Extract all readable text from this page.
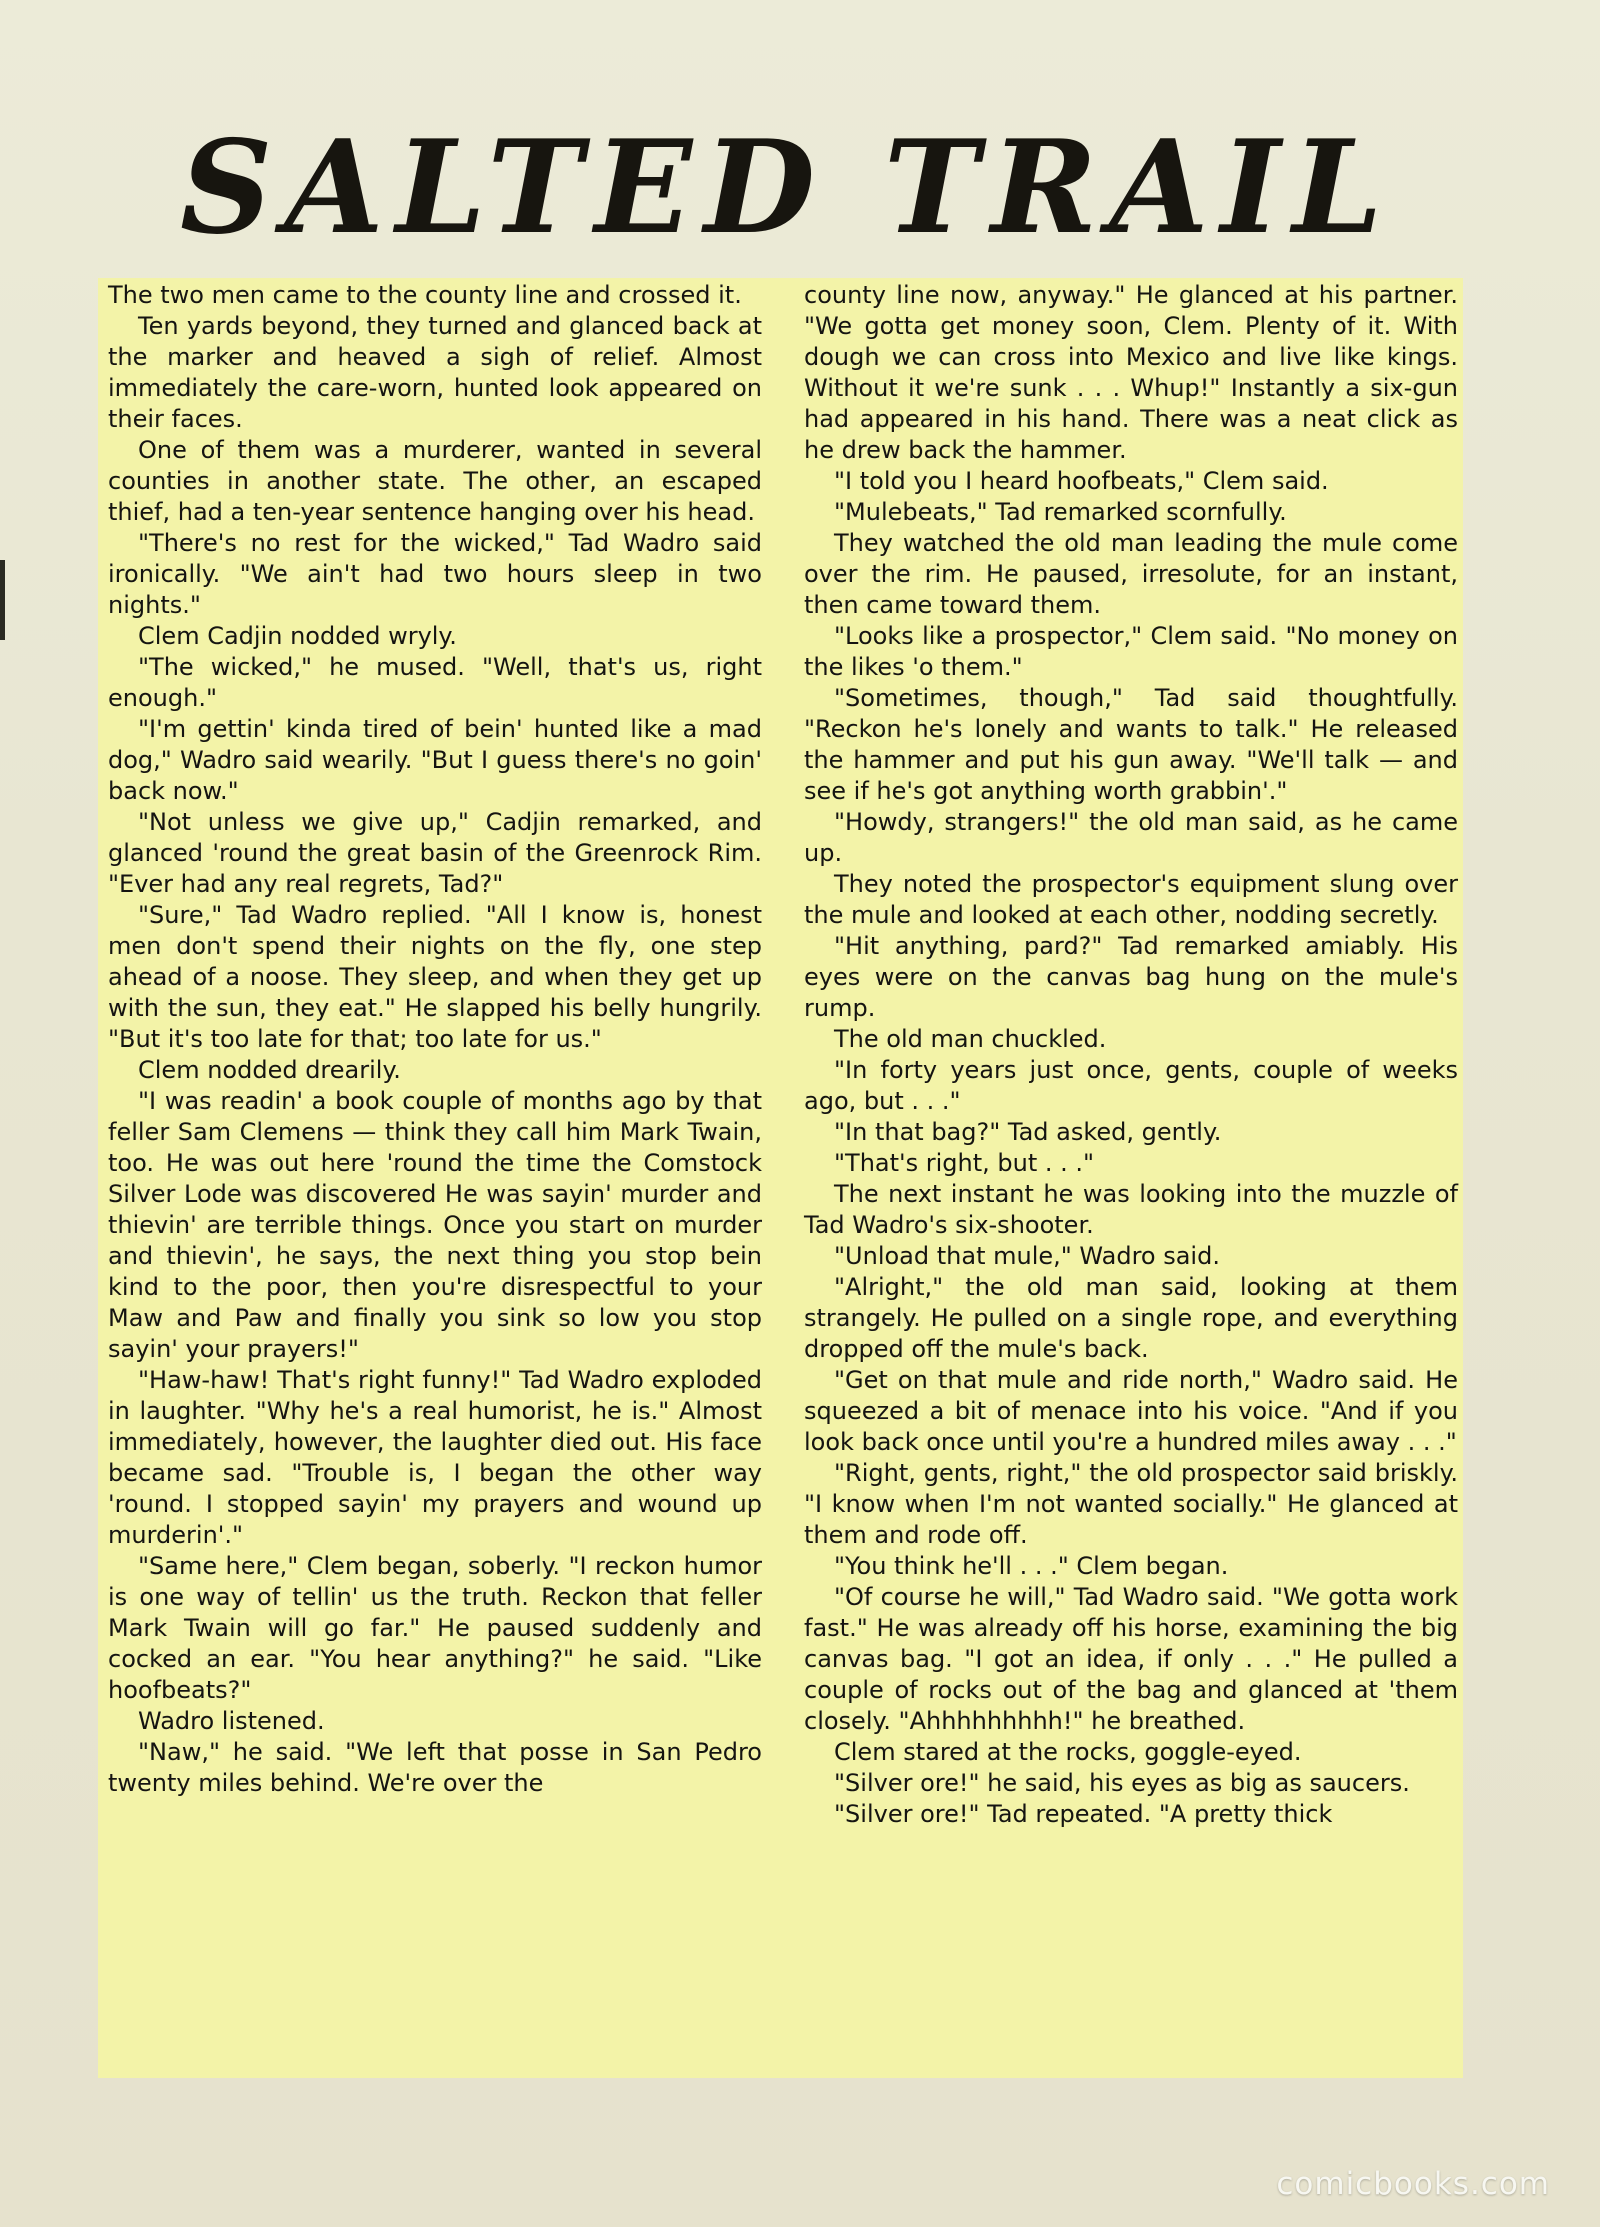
SALTED TRAIL

The two men came to the county line and crossed it.

Ten yards beyond, they turned and glanced back at the marker and heaved a sigh of relief. Almost immediately the care-worn, hunted look appeared on their faces.

One of them was a murderer, wanted in several counties in another state. The other, an escaped thief, had a ten-year sentence hanging over his head.

"There's no rest for the wicked," Tad Wadro said ironically. "We ain't had two hours sleep in two nights."

Clem Cadjin nodded wryly.

"The wicked," he mused. "Well, that's us, right enough."

"I'm gettin' kinda tired of bein' hunted like a mad dog," Wadro said wearily. "But I guess there's no goin' back now."

"Not unless we give up," Cadjin remarked, and glanced 'round the great basin of the Greenrock Rim. "Ever had any real regrets, Tad?"

"Sure," Tad Wadro replied. "All I know is, honest men don't spend their nights on the fly, one step ahead of a noose. They sleep, and when they get up with the sun, they eat." He slapped his belly hungrily. "But it's too late for that; too late for us."

Clem nodded drearily.

"I was readin' a book couple of months ago by that feller Sam Clemens — think they call him Mark Twain, too. He was out here 'round the time the Comstock Silver Lode was discovered He was sayin' murder and thievin' are terrible things. Once you start on murder and thievin', he says, the next thing you stop bein kind to the poor, then you're disrespectful to your Maw and Paw and finally you sink so low you stop sayin' your prayers!"

"Haw-haw! That's right funny!" Tad Wadro exploded in laughter. "Why he's a real humorist, he is." Almost immediately, however, the laughter died out. His face became sad. "Trouble is, I began the other way 'round. I stopped sayin' my prayers and wound up murderin'."

"Same here," Clem began, soberly. "I reckon humor is one way of tellin' us the truth. Reckon that feller Mark Twain will go far." He paused suddenly and cocked an ear. "You hear anything?" he said. "Like hoofbeats?"

Wadro listened.

"Naw," he said. "We left that posse in San Pedro twenty miles behind. We're over the

county line now, anyway." He glanced at his partner. "We gotta get money soon, Clem. Plenty of it. With dough we can cross into Mexico and live like kings. Without it we're sunk . . . Whup!" Instantly a six-gun had appeared in his hand. There was a neat click as he drew back the hammer.

"I told you I heard hoofbeats," Clem said.

"Mulebeats," Tad remarked scornfully.

They watched the old man leading the mule come over the rim. He paused, irresolute, for an instant, then came toward them.

"Looks like a prospector," Clem said. "No money on the likes 'o them."

"Sometimes, though," Tad said thoughtfully. "Reckon he's lonely and wants to talk." He released the hammer and put his gun away. "We'll talk — and see if he's got anything worth grabbin'."

"Howdy, strangers!" the old man said, as he came up.

They noted the prospector's equipment slung over the mule and looked at each other, nodding secretly.

"Hit anything, pard?" Tad remarked amiably. His eyes were on the canvas bag hung on the mule's rump.

The old man chuckled.

"In forty years just once, gents, couple of weeks ago, but . . ."

"In that bag?" Tad asked, gently.

"That's right, but . . ."

The next instant he was looking into the muzzle of Tad Wadro's six-shooter.

"Unload that mule," Wadro said.

"Alright," the old man said, looking at them strangely. He pulled on a single rope, and everything dropped off the mule's back.

"Get on that mule and ride north," Wadro said. He squeezed a bit of menace into his voice. "And if you look back once until you're a hundred miles away . . ."

"Right, gents, right," the old prospector said briskly. "I know when I'm not wanted socially." He glanced at them and rode off.

"You think he'll . . ." Clem began.

"Of course he will," Tad Wadro said. "We gotta work fast." He was already off his horse, examining the big canvas bag. "I got an idea, if only . . ." He pulled a couple of rocks out of the bag and glanced at 'them closely. "Ahhhhhhhhh!" he breathed.

Clem stared at the rocks, goggle-eyed.

"Silver ore!" he said, his eyes as big as saucers.

"Silver ore!" Tad repeated. "A pretty thick

comicbooks.com
